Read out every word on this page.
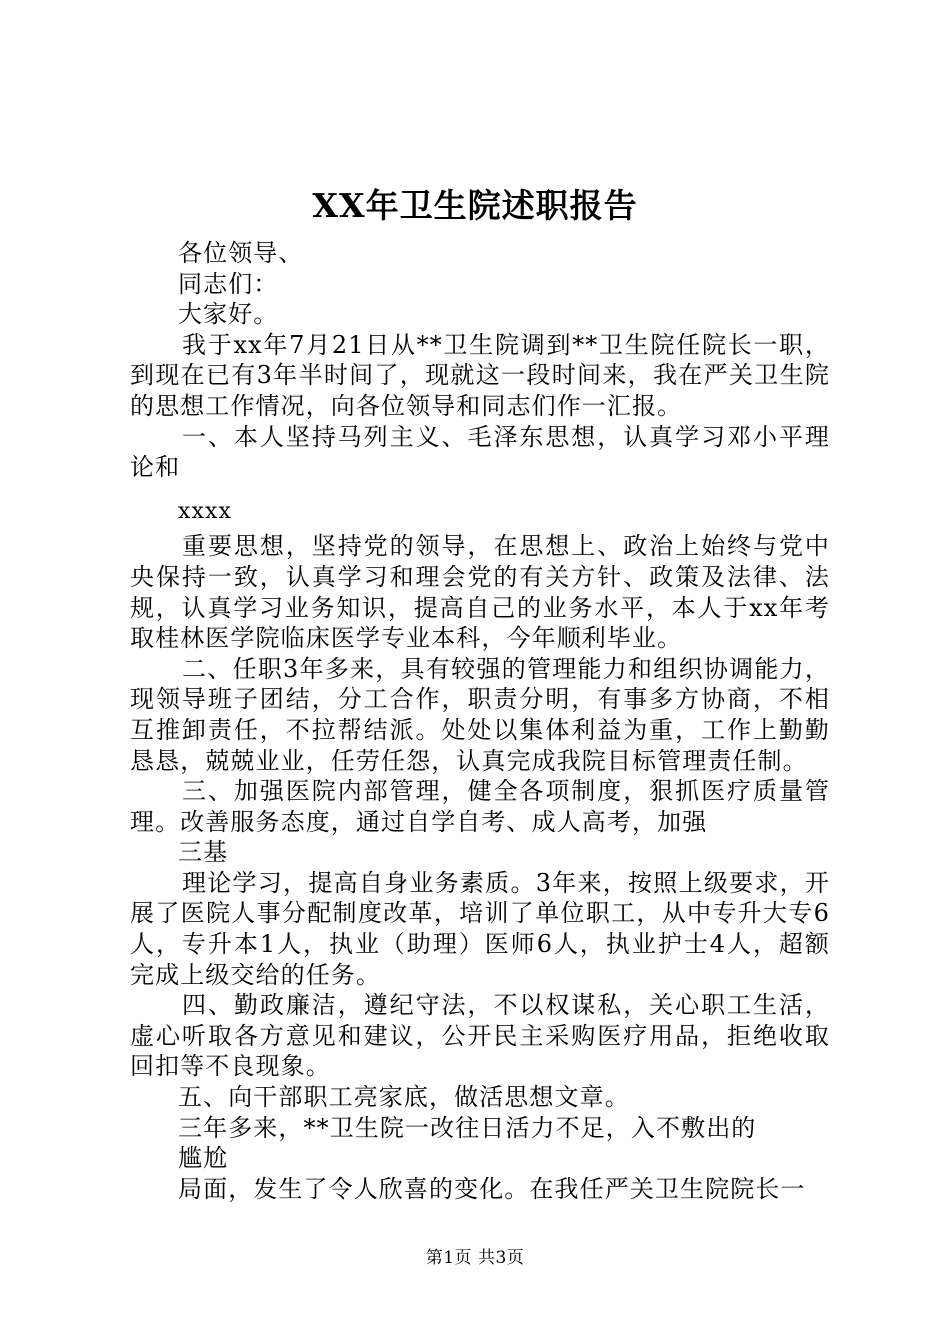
XX年卫生院述职报告

各位领导、

同志们：

大家好。

我于xx年7月21日从**卫生院调到**卫生院任院长一职，到现在已有3年半时间了，现就这一段时间来，我在严关卫生院的思想工作情况，向各位领导和同志们作一汇报。

一、本人坚持马列主义、毛泽东思想，认真学习邓小平理论和

xxxx

重要思想，坚持党的领导，在思想上、政治上始终与党中央保持一致，认真学习和理会党的有关方针、政策及法律、法规，认真学习业务知识，提高自己的业务水平，本人于xx年考取桂林医学院临床医学专业本科，今年顺利毕业。

二、任职3年多来，具有较强的管理能力和组织协调能力，现领导班子团结，分工合作，职责分明，有事多方协商，不相互推卸责任，不拉帮结派。处处以集体利益为重，工作上勤勤恳恳，兢兢业业，任劳任怨，认真完成我院目标管理责任制。

三、加强医院内部管理，健全各项制度，狠抓医疗质量管理。改善服务态度，通过自学自考、成人高考，加强

三基

理论学习，提高自身业务素质。3年来，按照上级要求，开展了医院人事分配制度改革，培训了单位职工，从中专升大专6人，专升本1人，执业（助理）医师6人，执业护士4人，超额完成上级交给的任务。

四、勤政廉洁，遵纪守法，不以权谋私，关心职工生活，虚心听取各方意见和建议，公开民主采购医疗用品，拒绝收取回扣等不良现象。

五、向干部职工亮家底，做活思想文章。

三年多来，**卫生院一改往日活力不足，入不敷出的

尴尬

局面，发生了令人欣喜的变化。在我任严关卫生院院长一

第1页 共3页
